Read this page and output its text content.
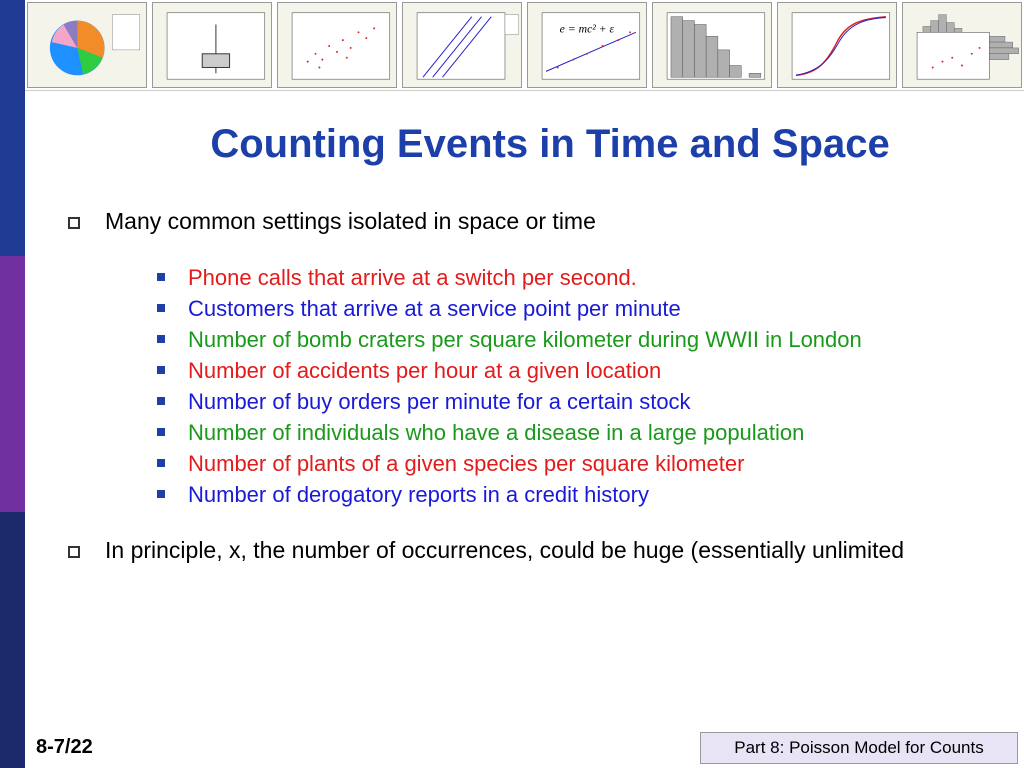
e = mc² + ε
Counting Events in Time and Space
Many common settings isolated in space or time
Phone calls that arrive at a switch per second.
Customers that arrive at a service point per minute
Number of bomb craters per square kilometer during WWII in London
Number of accidents per hour at a given location
Number of buy orders per minute for a certain stock
Number of individuals who have a disease in a large population
Number of plants of a given species per square kilometer
Number of derogatory reports in a credit history
In principle, x, the number of occurrences, could be huge (essentially unlimited
8-7/22	Part 8: Poisson Model for Counts
